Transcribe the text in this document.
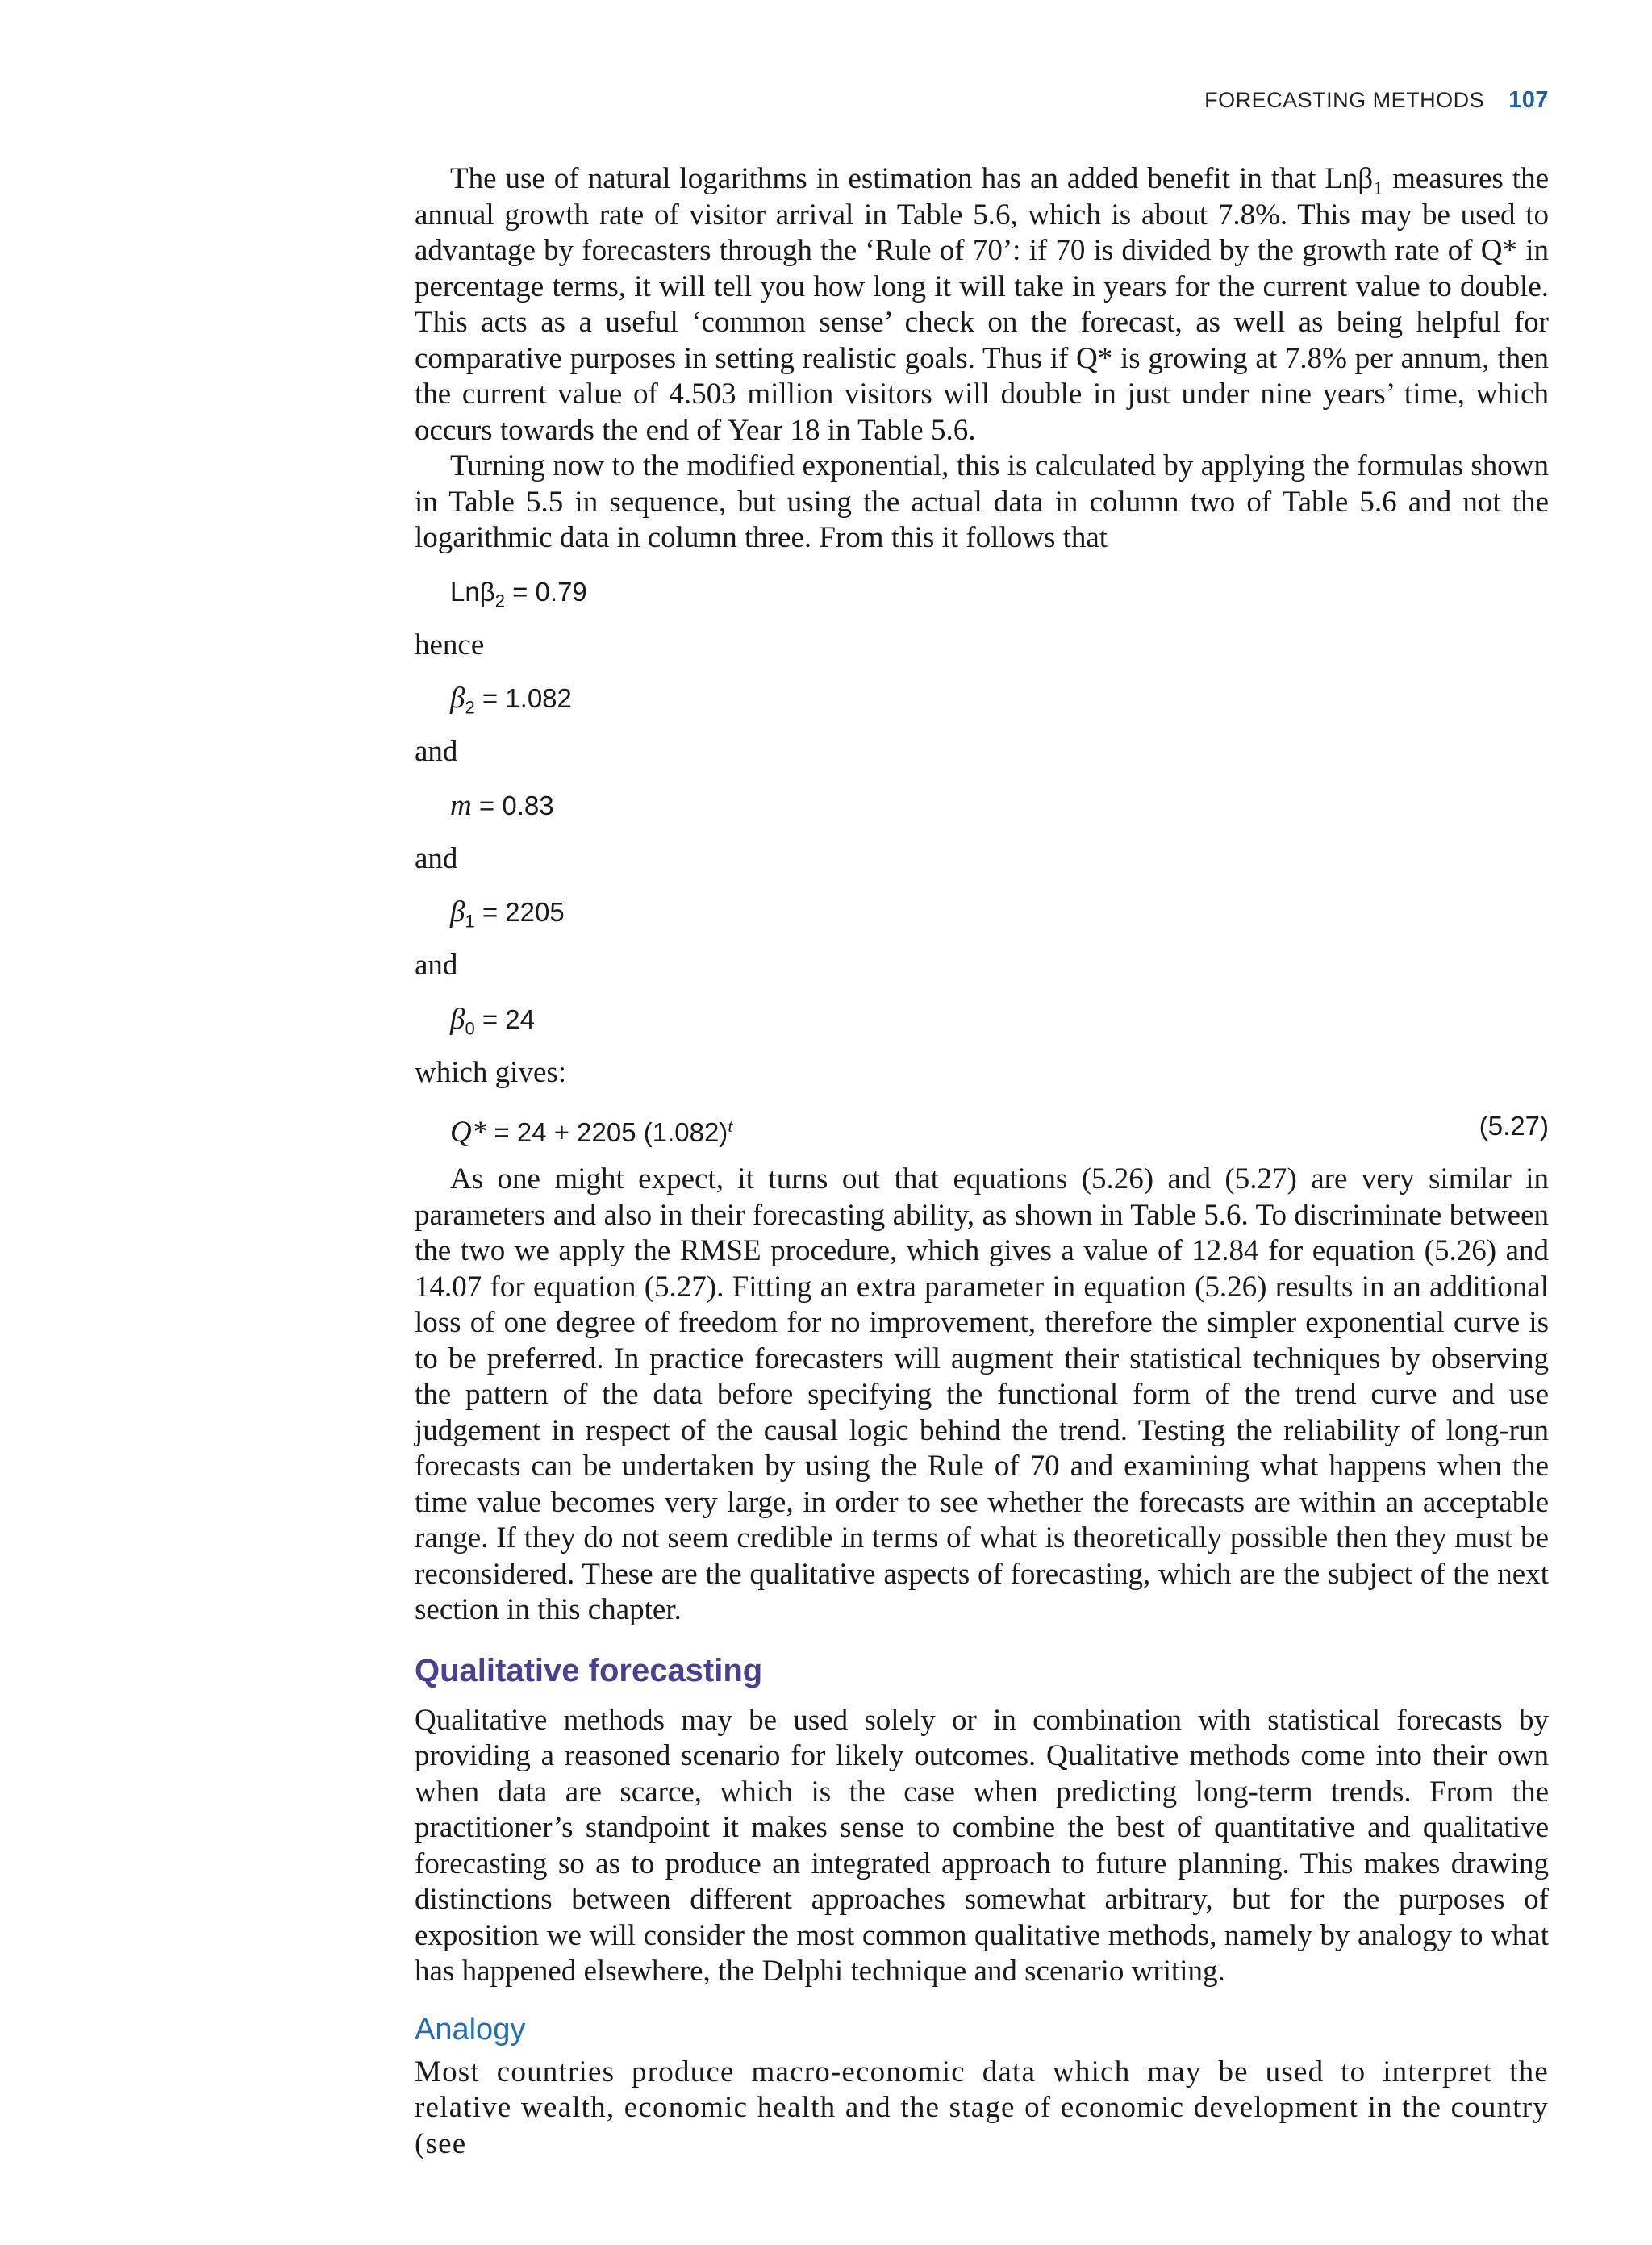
FORECASTING METHODS 107

The use of natural logarithms in estimation has an added benefit in that Lnβ₁ measures the annual growth rate of visitor arrival in Table 5.6, which is about 7.8%. This may be used to advantage by forecasters through the ‘Rule of 70’: if 70 is divided by the growth rate of Q* in percentage terms, it will tell you how long it will take in years for the current value to double. This acts as a useful ‘common sense’ check on the forecast, as well as being helpful for comparative purposes in setting realistic goals. Thus if Q* is growing at 7.8% per annum, then the current value of 4.503 million visitors will double in just under nine years’ time, which occurs towards the end of Year 18 in Table 5.6.

Turning now to the modified exponential, this is calculated by applying the formulas shown in Table 5.5 in sequence, but using the actual data in column two of Table 5.6 and not the logarithmic data in column three. From this it follows that

Lnβ$_2$ = 0.79

hence

$\beta_2 = 1.082$

and

m = 0.83

and

$\beta_1 = 2205$

and

$\beta_0 = 24$

which gives:

Q* = 24 + 2205 $(1.082)^t$	(5.27)

As one might expect, it turns out that equations (5.26) and (5.27) are very similar in parameters and also in their forecasting ability, as shown in Table 5.6. To discriminate between the two we apply the RMSE procedure, which gives a value of 12.84 for equation (5.26) and 14.07 for equation (5.27). Fitting an extra parameter in equation (5.26) results in an additional loss of one degree of freedom for no improvement, therefore the simpler exponential curve is to be preferred. In practice forecasters will augment their statistical techniques by observing the pattern of the data before specifying the functional form of the trend curve and use judgement in respect of the causal logic behind the trend. Testing the reliability of long-run forecasts can be undertaken by using the Rule of 70 and examining what happens when the time value becomes very large, in order to see whether the forecasts are within an acceptable range. If they do not seem credible in terms of what is theoretically possible then they must be reconsidered. These are the qualitative aspects of forecasting, which are the subject of the next section in this chapter.

Qualitative forecasting

Qualitative methods may be used solely or in combination with statistical forecasts by providing a reasoned scenario for likely outcomes. Qualitative methods come into their own when data are scarce, which is the case when predicting long-term trends. From the practitioner’s standpoint it makes sense to combine the best of quantitative and qualitative forecasting so as to produce an integrated approach to future planning. This makes drawing distinctions between different approaches somewhat arbitrary, but for the purposes of exposition we will consider the most common qualitative methods, namely by analogy to what has happened elsewhere, the Delphi technique and scenario writing.

Analogy

Most countries produce macro-economic data which may be used to interpret the relative wealth, economic health and the stage of economic development in the country (see
